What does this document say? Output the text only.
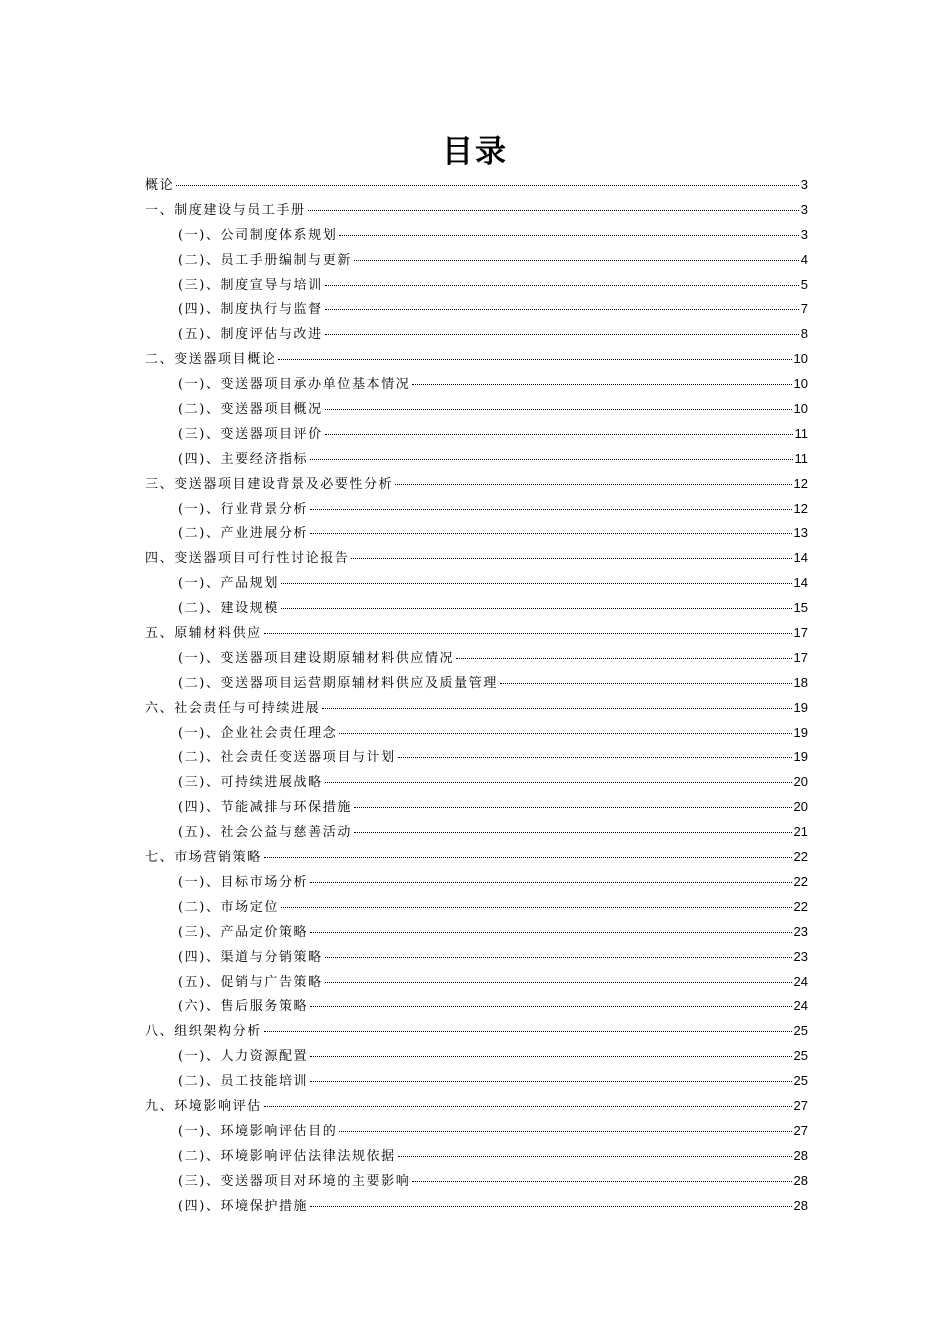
目录
概论	3
一、制度建设与员工手册	3
(一)、公司制度体系规划	3
(二)、员工手册编制与更新	4
(三)、制度宣导与培训	5
(四)、制度执行与监督	7
(五)、制度评估与改进	8
二、变送器项目概论	10
(一)、变送器项目承办单位基本情况	10
(二)、变送器项目概况	10
(三)、变送器项目评价	11
(四)、主要经济指标	11
三、变送器项目建设背景及必要性分析	12
(一)、行业背景分析	12
(二)、产业进展分析	13
四、变送器项目可行性讨论报告	14
(一)、产品规划	14
(二)、建设规模	15
五、原辅材料供应	17
(一)、变送器项目建设期原辅材料供应情况	17
(二)、变送器项目运营期原辅材料供应及质量管理	18
六、社会责任与可持续进展	19
(一)、企业社会责任理念	19
(二)、社会责任变送器项目与计划	19
(三)、可持续进展战略	20
(四)、节能减排与环保措施	20
(五)、社会公益与慈善活动	21
七、市场营销策略	22
(一)、目标市场分析	22
(二)、市场定位	22
(三)、产品定价策略	23
(四)、渠道与分销策略	23
(五)、促销与广告策略	24
(六)、售后服务策略	24
八、组织架构分析	25
(一)、人力资源配置	25
(二)、员工技能培训	25
九、环境影响评估	27
(一)、环境影响评估目的	27
(二)、环境影响评估法律法规依据	28
(三)、变送器项目对环境的主要影响	28
(四)、环境保护措施	28
